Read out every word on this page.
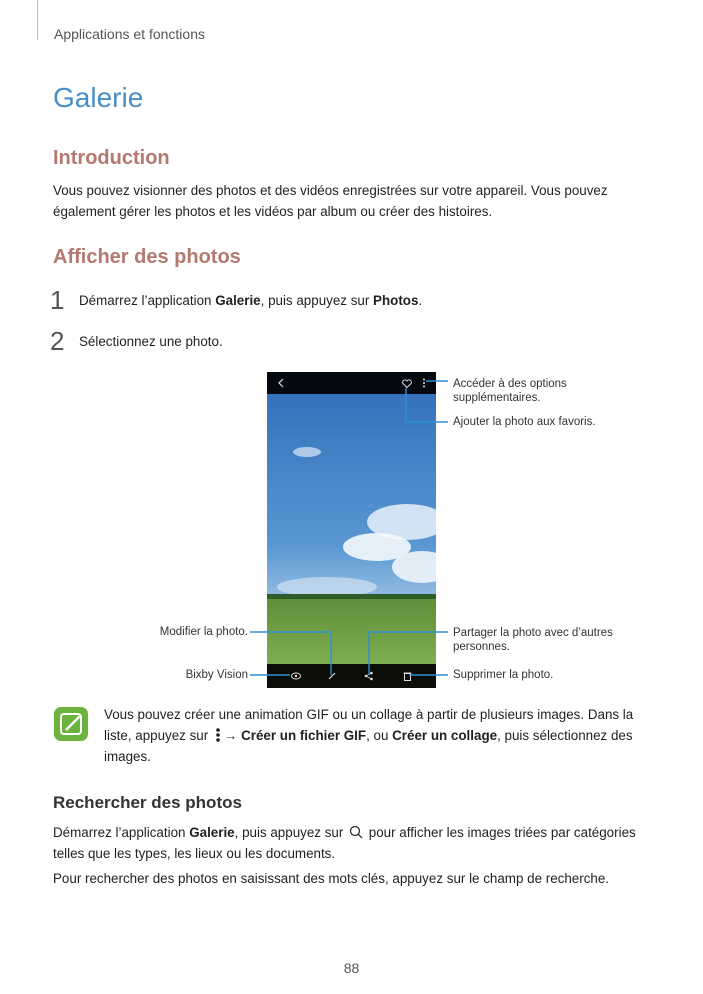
Applications et fonctions
Galerie
Introduction
Vous pouvez visionner des photos et des vidéos enregistrées sur votre appareil. Vous pouvez
également gérer les photos et les vidéos par album ou créer des histoires.
Afficher des photos
1 Démarrez l’application Galerie, puis appuyez sur Photos.
2 Sélectionnez une photo.
Accéder à des options supplémentaires.
Ajouter la photo aux favoris.
Partager la photo avec d’autres personnes.
Supprimer la photo.
Modifier la photo.
Bixby Vision
Vous pouvez créer une animation GIF ou un collage à partir de plusieurs images. Dans la
liste, appuyez sur → Créer un fichier GIF, ou Créer un collage, puis sélectionnez des
images.
Rechercher des photos
Démarrez l’application Galerie, puis appuyez sur  pour afficher les images triées par catégories
telles que les types, les lieux ou les documents.
Pour rechercher des photos en saisissant des mots clés, appuyez sur le champ de recherche.
88
